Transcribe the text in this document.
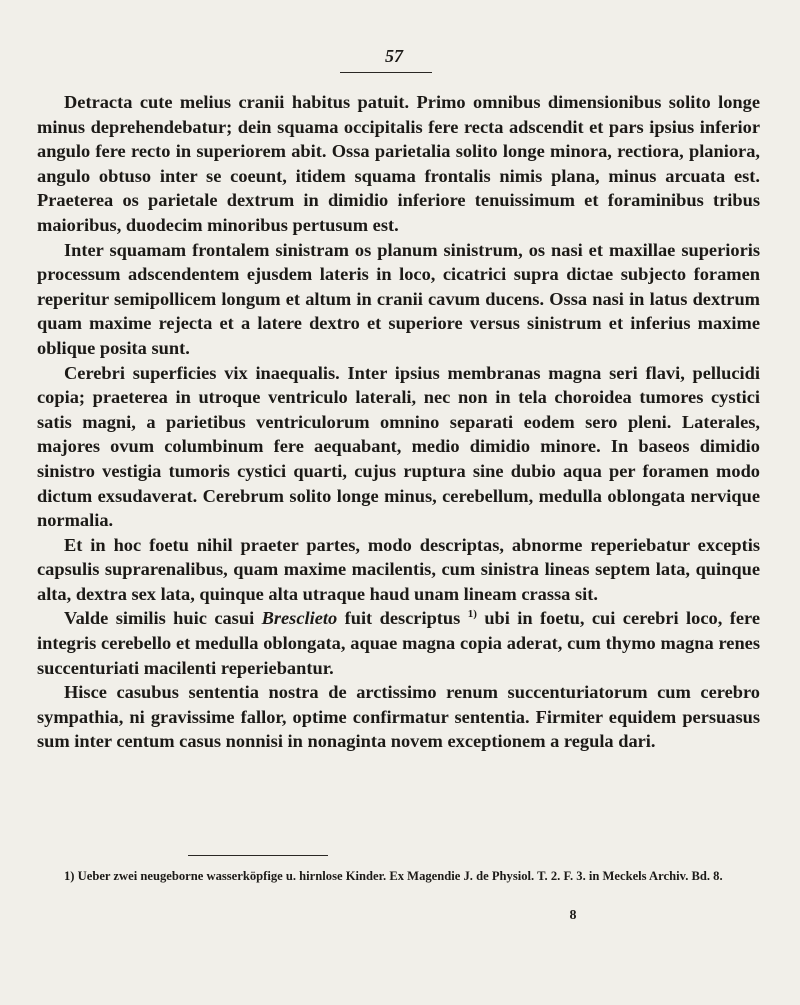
57

Detracta cute melius cranii habitus patuit. Primo omnibus dimensionibus solito longe minus deprehendebatur; dein squama occipitalis fere recta adscendit et pars ipsius inferior angulo fere recto in superiorem abit. Ossa parietalia solito longe minora, rectiora, planiora, angulo obtuso inter se coeunt, itidem squama frontalis nimis plana, minus arcuata est. Praeterea os parietale dextrum in dimidio inferiore tenuissimum et foraminibus tribus maioribus, duodecim minoribus pertusum est.

Inter squamam frontalem sinistram os planum sinistrum, os nasi et maxillae superioris processum adscendentem ejusdem lateris in loco, cicatrici supra dictae subjecto foramen reperitur semipollicem longum et altum in cranii cavum ducens. Ossa nasi in latus dextrum quam maxime rejecta et a latere dextro et superiore versus sinistrum et inferius maxime oblique posita sunt.

Cerebri superficies vix inaequalis. Inter ipsius membranas magna seri flavi, pellucidi copia; praeterea in utroque ventriculo laterali, nec non in tela choroidea tumores cystici satis magni, a parietibus ventriculorum omnino separati eodem sero pleni. Laterales, majores ovum columbinum fere aequabant, medio dimidio minore. In baseos dimidio sinistro vestigia tumoris cystici quarti, cujus ruptura sine dubio aqua per foramen modo dictum exsudaverat. Cerebrum solito longe minus, cerebellum, medulla oblongata nervique normalia.

Et in hoc foetu nihil praeter partes, modo descriptas, abnorme reperiebatur exceptis capsulis suprarenalibus, quam maxime macilentis, cum sinistra lineas septem lata, quinque alta, dextra sex lata, quinque alta utraque haud unam lineam crassa sit.

Valde similis huic casui Bresclieto fuit descriptus $^{1)}$ ubi in foetu, cui cerebri loco, fere integris cerebello et medulla oblongata, aquae magna copia aderat, cum thymo magna renes succenturiati macilenti reperiebantur.

Hisce casubus sententia nostra de arctissimo renum succenturiatorum cum cerebro sympathia, ni gravissime fallor, optime confirmatur sententia. Firmiter equidem persuasus sum inter centum casus nonnisi in nonaginta novem exceptionem a regula dari.

1) Ueber zwei neugeborne wasserköpfige u. hirnlose Kinder. Ex Magendie J. de Physiol. T. 2. F. 3. in Meckels Archiv. Bd. 8.

8
